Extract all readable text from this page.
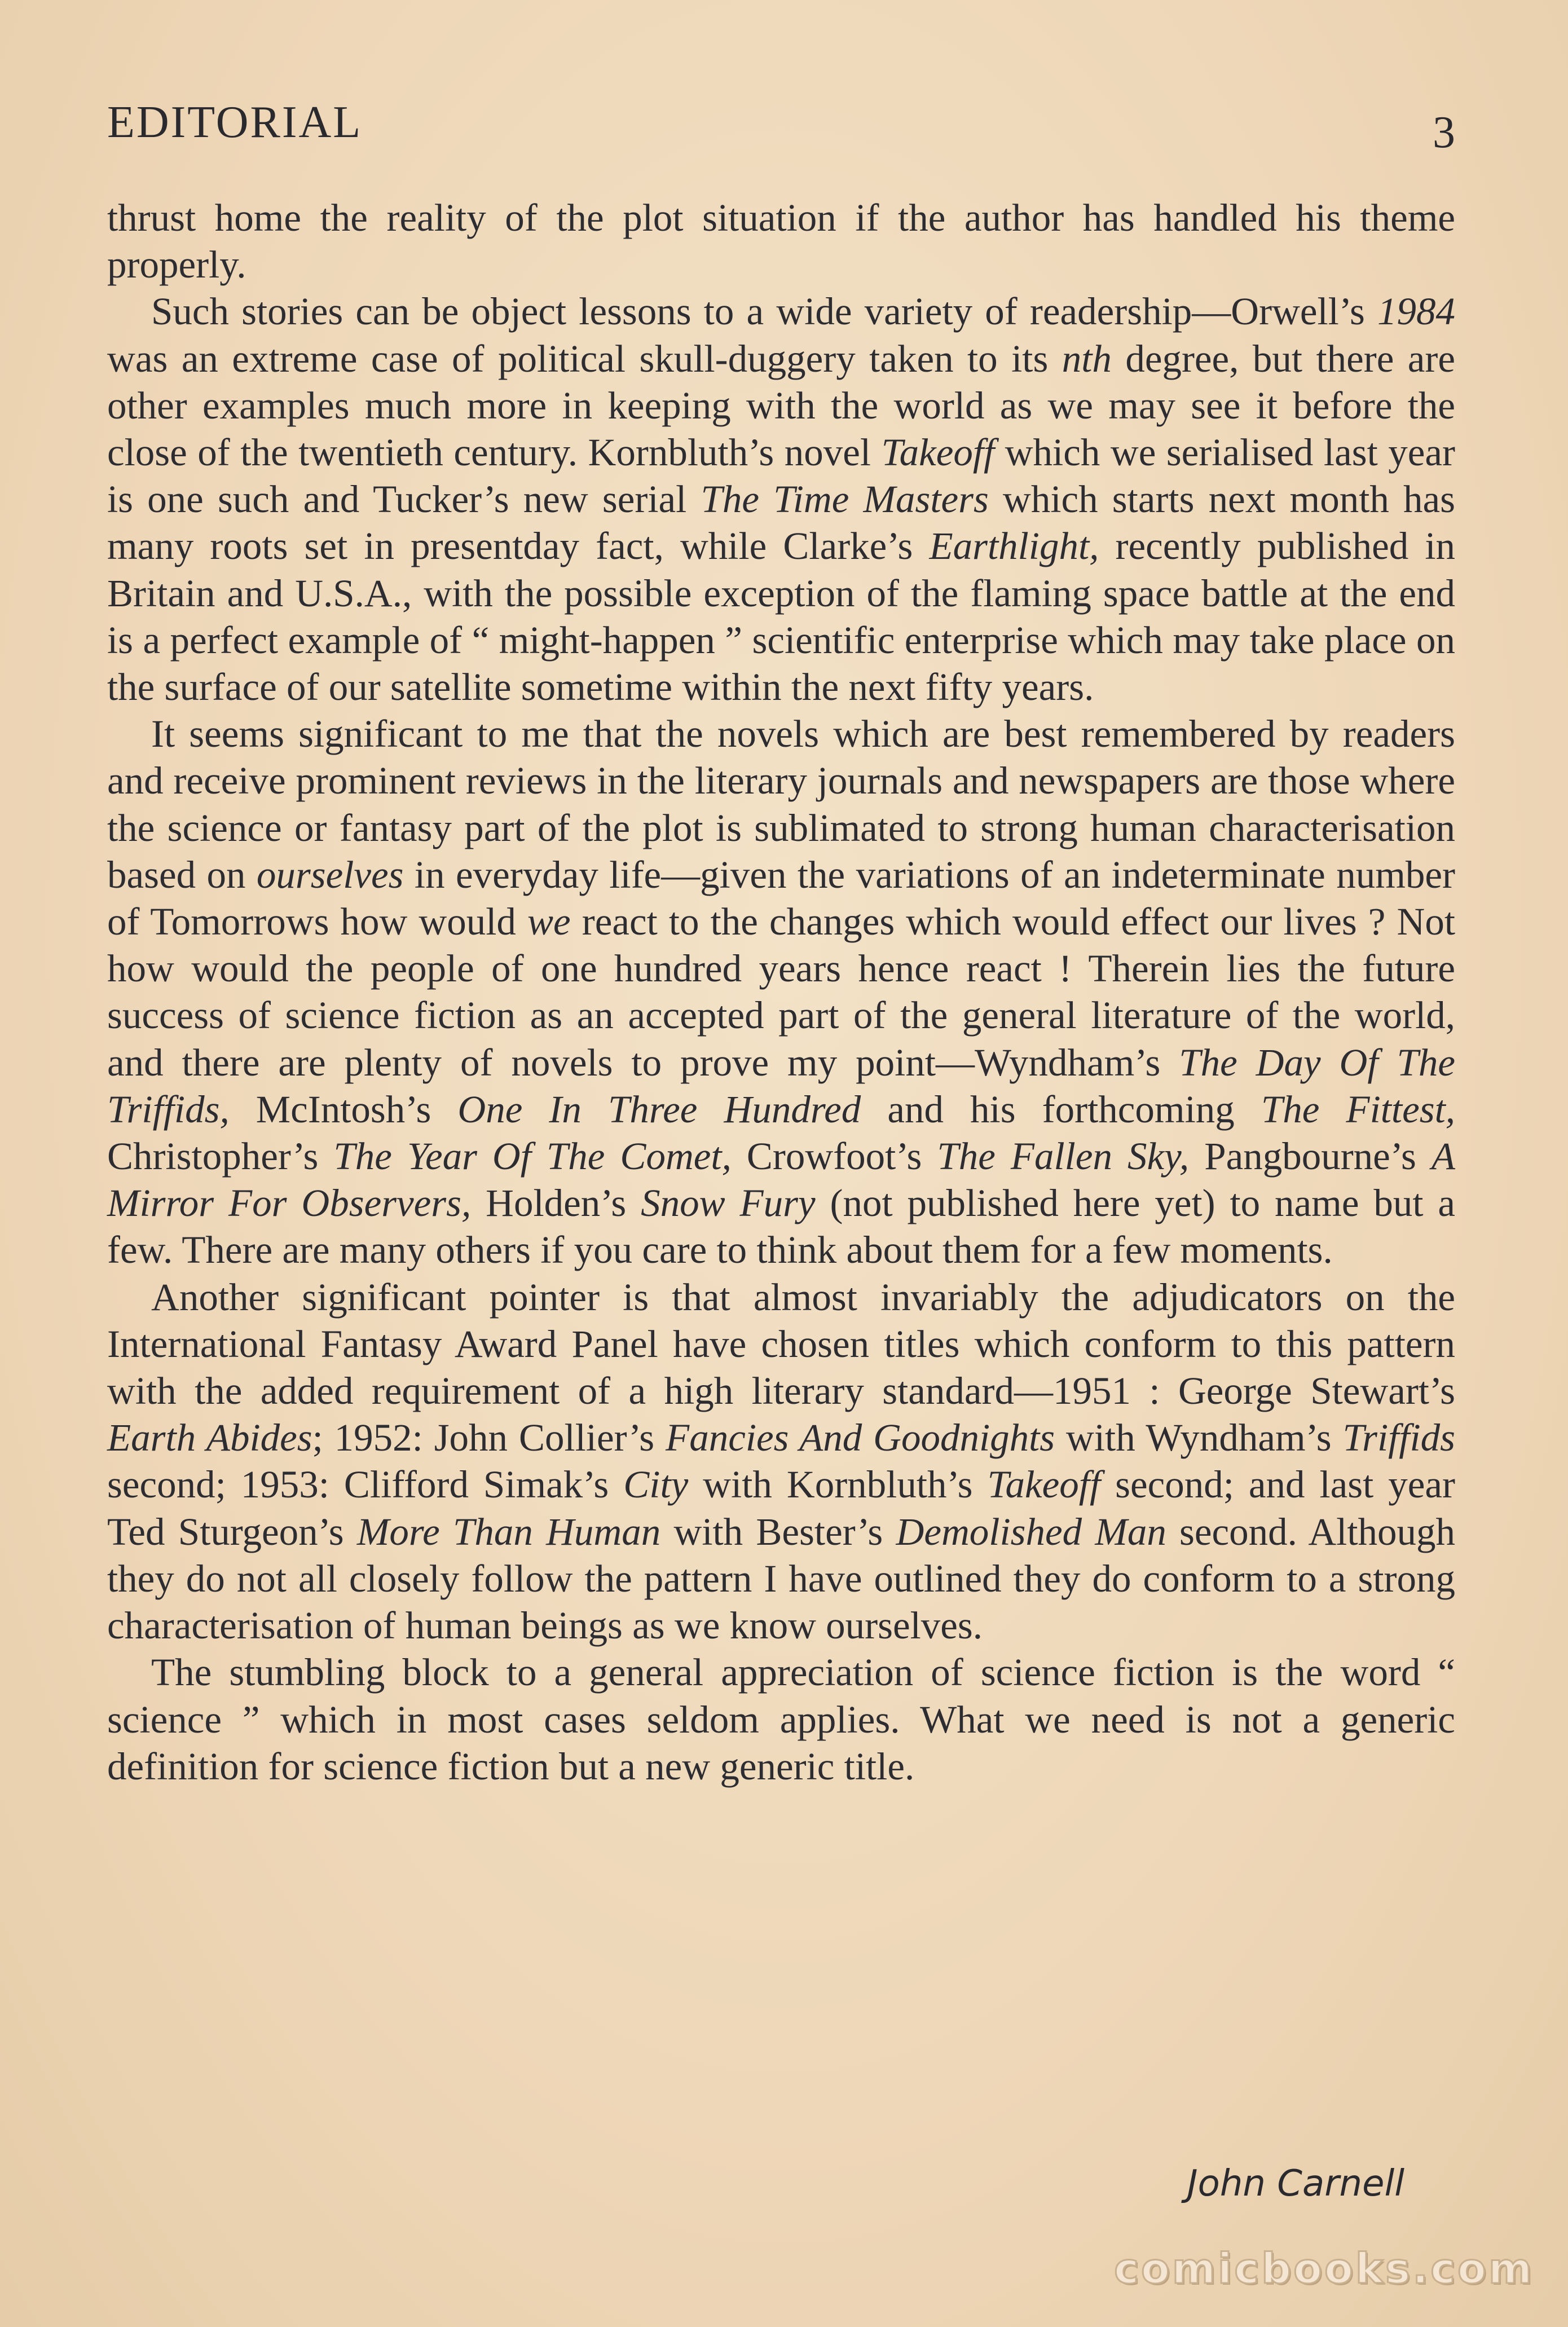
EDITORIAL	3

thrust home the reality of the plot situation if the author has handled his theme properly.

Such stories can be object lessons to a wide variety of readership—Orwell’s 1984 was an extreme case of political skull-duggery taken to its nth degree, but there are other examples much more in keeping with the world as we may see it before the close of the twentieth century. Kornbluth’s novel Takeoff which we serialised last year is one such and Tucker’s new serial The Time Masters which starts next month has many roots set in presentday fact, while Clarke’s Earthlight, recently published in Britain and U.S.A., with the possible exception of the flaming space battle at the end is a perfect example of “ might-happen ” scientific enterprise which may take place on the surface of our satellite sometime within the next fifty years.

It seems significant to me that the novels which are best remembered by readers and receive prominent reviews in the literary journals and newspapers are those where the science or fantasy part of the plot is sublimated to strong human characterisation based on ourselves in everyday life—given the variations of an indeterminate number of Tomorrows how would we react to the changes which would effect our lives ? Not how would the people of one hundred years hence react ! Therein lies the future success of science fiction as an accepted part of the general literature of the world, and there are plenty of novels to prove my point—Wyndham’s The Day Of The Triffids, McIntosh’s One In Three Hundred and his forthcoming The Fittest, Christopher’s The Year Of The Comet, Crowfoot’s The Fallen Sky, Pangbourne’s A Mirror For Observers, Holden’s Snow Fury (not published here yet) to name but a few. There are many others if you care to think about them for a few moments.

Another significant pointer is that almost invariably the adjudicators on the International Fantasy Award Panel have chosen titles which conform to this pattern with the added requirement of a high literary standard—1951 : George Stewart’s Earth Abides; 1952: John Collier’s Fancies And Goodnights with Wyndham’s Triffids second; 1953: Clifford Simak’s City with Kornbluth’s Takeoff second; and last year Ted Sturgeon’s More Than Human with Bester’s Demolished Man second. Although they do not all closely follow the pattern I have outlined they do conform to a strong characterisation of human beings as we know ourselves.

The stumbling block to a general appreciation of science fiction is the word “ science ” which in most cases seldom applies. What we need is not a generic definition for science fiction but a new generic title.

John Carnell
comicbooks.com
